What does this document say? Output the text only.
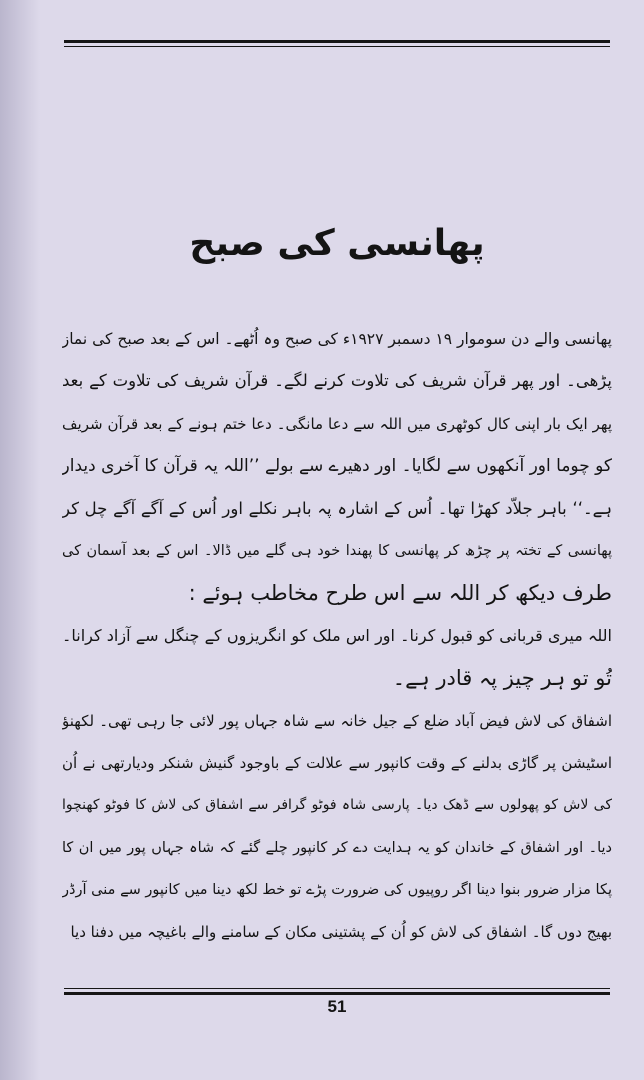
پھانسی کی صبح
پھانسی والے دن سوموار ۱۹ دسمبر ۱۹۲۷ء کی صبح وہ اُٹھے۔ اس کے بعد صبح کی نماز
پڑھی۔ اور پھر قرآن شریف کی تلاوت کرنے لگے۔ قرآن شریف کی تلاوت کے بعد
پھر ایک بار اپنی کال کوٹھری میں اللہ سے دعا مانگی۔ دعا ختم ہونے کے بعد قرآن شریف
کو چوما اور آنکھوں سے لگایا۔ اور دھیرے سے بولے ’’اللہ یہ قرآن کا آخری دیدار
ہے۔‘‘ باہر جلاّد کھڑا تھا۔ اُس کے اشارہ پہ باہر نکلے اور اُس کے آگے آگے چل کر
پھانسی کے تختہ پر چڑھ کر پھانسی کا پھندا خود ہی گلے میں ڈالا۔ اس کے بعد آسمان کی
طرف دیکھ کر اللہ سے اس طرح مخاطب ہوئے :
اللہ میری قربانی کو قبول کرنا۔ اور اس ملک کو انگریزوں کے چنگل سے آزاد کرانا۔
تُو تو ہر چیز پہ قادر ہے۔
اشفاق کی لاش فیض آباد ضلع کے جیل خانہ سے شاہ جہاں پور لائی جا رہی تھی۔ لکھنؤ
اسٹیشن پر گاڑی بدلنے کے وقت کانپور سے علالت کے باوجود گنیش شنکر ودیارتھی نے اُن
کی لاش کو پھولوں سے ڈھک دیا۔ پارسی شاہ فوٹو گرافر سے اشفاق کی لاش کا فوٹو کھنچوا
دیا۔ اور اشفاق کے خاندان کو یہ ہدایت دے کر کانپور چلے گئے کہ شاہ جہاں پور میں ان کا
پکا مزار ضرور بنوا دینا اگر روپیوں کی ضرورت پڑے تو خط لکھ دینا میں کانپور سے منی آرڈر
بھیج دوں گا۔ اشفاق کی لاش کو اُن کے پشتینی مکان کے سامنے والے باغیچہ میں دفنا دیا
51
